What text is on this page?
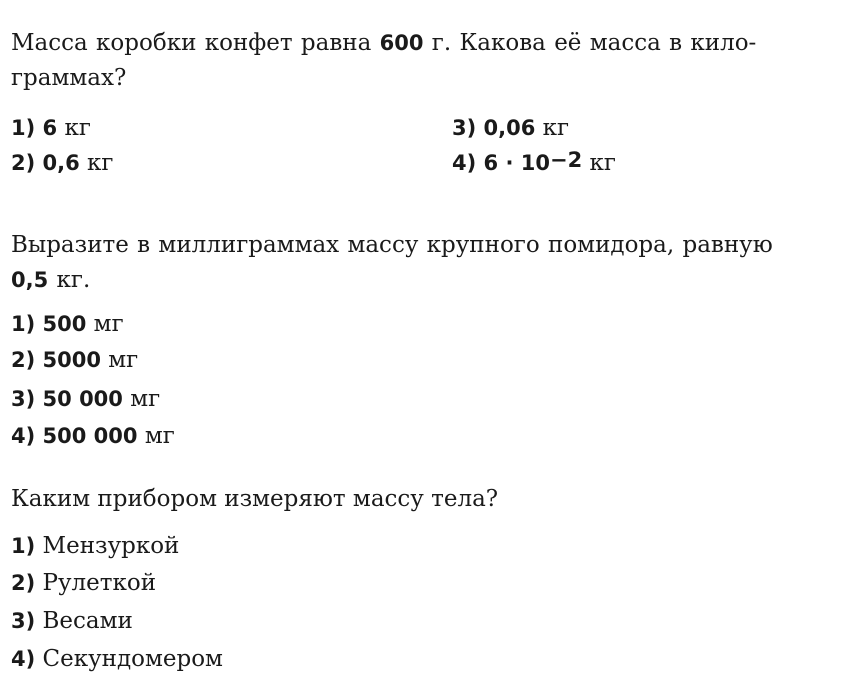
Масса коробки конфет равна 600 г. Какова её масса в кило-
граммах?
1) 6 кг
2) 0,6 кг
3) 0,06 кг
4) $6 \cdot 10^{-2}$ кг
Выразите в миллиграммах массу крупного помидора, равную
0,5 кг.
1) 500 мг
2) 5000 мг
3) 50 000 мг
4) 500 000 мг
Каким прибором измеряют массу тела?
1) Мензуркой
2) Рулеткой
3) Весами
4) Секундомером
